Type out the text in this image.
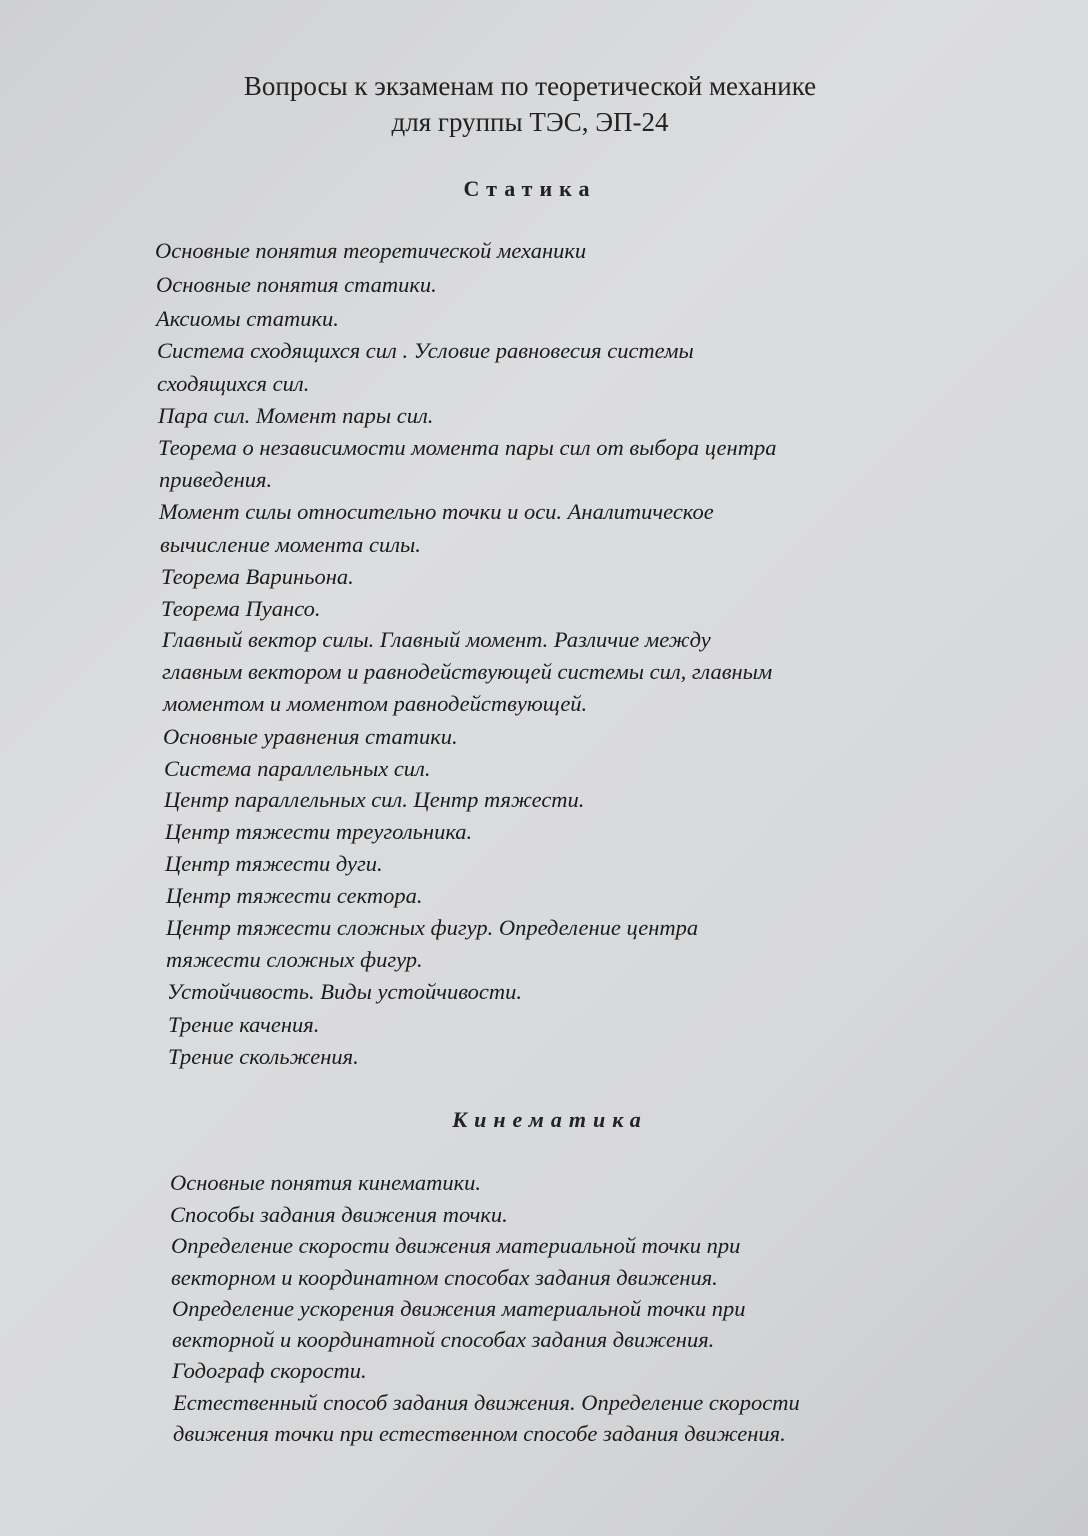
Вопросы к экзаменам по теоретической механике
для группы ТЭС, ЭП-24
Статика
Основные понятия теоретической механики
Основные понятия статики.
Аксиомы статики.
Система сходящихся сил . Условие равновесия системы
сходящихся сил.
Пара сил. Момент пары сил.
Теорема о независимости момента пары сил от выбора центра
приведения.
Момент силы относительно точки и оси. Аналитическое
вычисление момента силы.
Теорема Вариньона.
Теорема Пуансо.
Главный вектор силы. Главный момент. Различие между
главным вектором и равнодействующей системы сил, главным
моментом и моментом равнодействующей.
Основные уравнения статики.
Система параллельных сил.
Центр параллельных сил. Центр тяжести.
Центр тяжести треугольника.
Центр тяжести дуги.
Центр тяжести сектора.
Центр тяжести сложных фигур. Определение центра
тяжести сложных фигур.
Устойчивость. Виды устойчивости.
Трение качения.
Трение скольжения.
Кинематика
Основные понятия кинематики.
Способы задания движения точки.
Определение скорости движения материальной точки при
векторном и координатном способах задания движения.
Определение ускорения движения материальной точки при
векторной и координатной способах задания движения.
Годограф скорости.
Естественный способ задания движения. Определение скорости
движения точки при естественном способе задания движения.
